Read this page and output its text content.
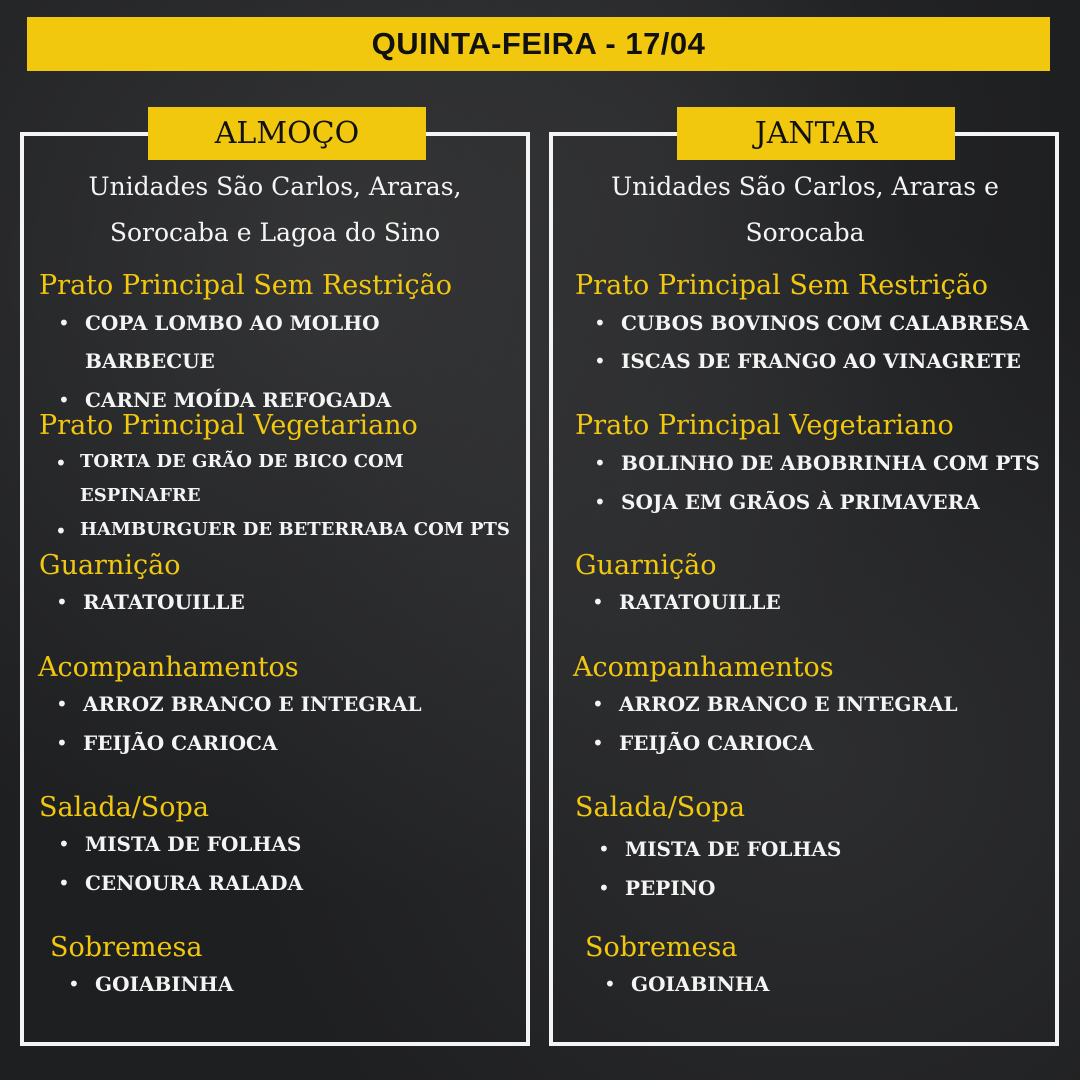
QUINTA-FEIRA - 17/04
ALMOÇO	JANTAR
Unidades São Carlos, Araras,
Sorocaba e Lagoa do Sino
Prato Principal Sem Restrição
• COPA LOMBO AO MOLHO
BARBECUE
• CARNE MOÍDA REFOGADA
Prato Principal Vegetariano
• TORTA DE GRÃO DE BICO COM
ESPINAFRE
• HAMBURGUER DE BETERRABA COM PTS
Guarnição
• RATATOUILLE
Acompanhamentos
• ARROZ BRANCO E INTEGRAL
• FEIJÃO CARIOCA
Salada/Sopa
• MISTA DE FOLHAS
• CENOURA RALADA
Sobremesa
• GOIABINHA
Unidades São Carlos, Araras e
Sorocaba
Prato Principal Sem Restrição
• CUBOS BOVINOS COM CALABRESA
• ISCAS DE FRANGO AO VINAGRETE
Prato Principal Vegetariano
• BOLINHO DE ABOBRINHA COM PTS
• SOJA EM GRÃOS À PRIMAVERA
Guarnição
• RATATOUILLE
Acompanhamentos
• ARROZ BRANCO E INTEGRAL
• FEIJÃO CARIOCA
Salada/Sopa
• MISTA DE FOLHAS
• PEPINO
Sobremesa
• GOIABINHA
